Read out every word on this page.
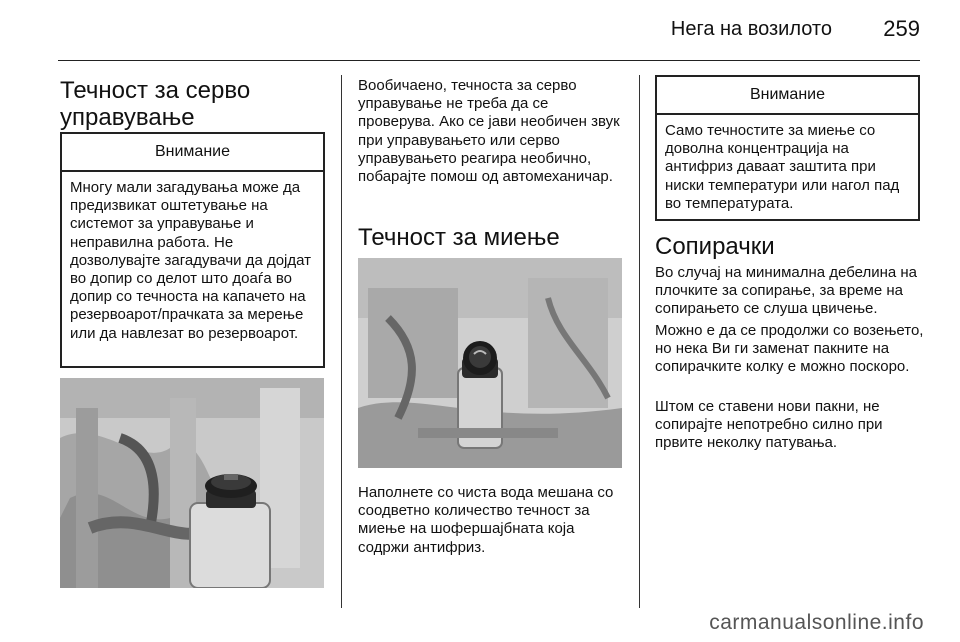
Нега на возилото 259
Течност за серво управување
Внимание
Многу мали загадувања може да предизвикат оштетување на системот за управување и неправилна работа. Не дозволувајте загадувачи да дојдат во допир со делот што доаѓа во допир со течноста на капачето на резервоарот/прачката за мерење или да навлезат во резервоарот.

Вообичаено, течноста за серво управување не треба да се проверува. Ако се јави необичен звук при управувањето или серво управувањето реагира необично, побарајте помош од автомеханичар.

Течност за миење

Наполнете со чиста вода мешана со соодветно количество течност за миење на шофершајбната која содржи антифриз.

Внимание
Само течностите за миење со доволна концентрација на антифриз даваат заштита при ниски температури или нагол пад во температурата.
Сопирачки

Во случај на минимална дебелина на плочките за сопирање, за време на сопирањето се слуша цвичење.

Можно е да се продолжи со возењето, но нека Ви ги заменат пакните на сопирачките колку е можно поскоро.

Штом се ставени нови пакни, не сопирајте непотребно силно при првите неколку патувања.

carmanualsonline.info
